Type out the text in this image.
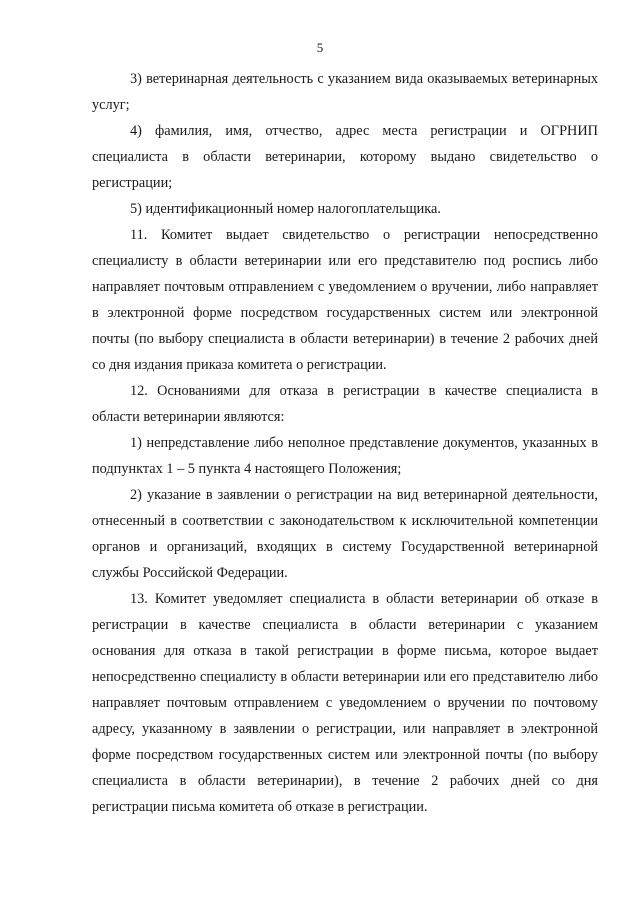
5

3) ветеринарная деятельность с указанием вида оказываемых ветеринарных услуг;

4) фамилия, имя, отчество, адрес места регистрации и ОГРНИП специалиста в области ветеринарии, которому выдано свидетельство о регистрации;

5) идентификационный номер налогоплательщика.

11. Комитет выдает свидетельство о регистрации непосредственно специалисту в области ветеринарии или его представителю под роспись либо направляет почтовым отправлением с уведомлением о вручении, либо направляет в электронной форме посредством государственных систем или электронной почты (по выбору специалиста в области ветеринарии) в течение 2 рабочих дней со дня издания приказа комитета о регистрации.

12. Основаниями для отказа в регистрации в качестве специалиста в области ветеринарии являются:

1) непредставление либо неполное представление документов, указанных в подпунктах 1 – 5 пункта 4 настоящего Положения;

2) указание в заявлении о регистрации на вид ветеринарной деятельности, отнесенный в соответствии с законодательством к исключительной компетенции органов и организаций, входящих в систему Государственной ветеринарной службы Российской Федерации.

13. Комитет уведомляет специалиста в области ветеринарии об отказе в регистрации в качестве специалиста в области ветеринарии с указанием основания для отказа в такой регистрации в форме письма, которое выдает непосредственно специалисту в области ветеринарии или его представителю либо направляет почтовым отправлением с уведомлением о вручении по почтовому адресу, указанному в заявлении о регистрации, или направляет в электронной форме посредством государственных систем или электронной почты (по выбору специалиста в области ветеринарии), в течение 2 рабочих дней со дня регистрации письма комитета об отказе в регистрации.
